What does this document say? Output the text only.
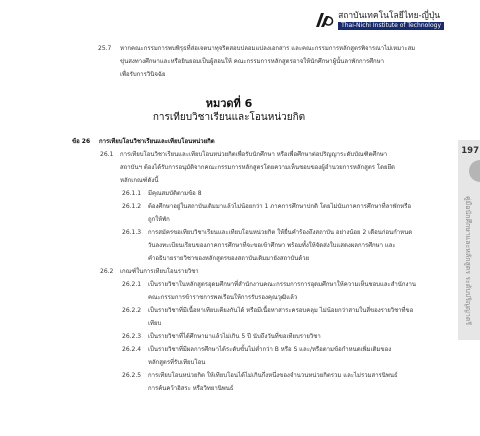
สถาบันเทคโนโลยีไทย-ญี่ปุ่น
Thai-Nichi Institute of Technology
197
คู่มือนักศึกษาและหลักสูตร ระดับปริญญาตรี
25.7 หากคณะกรรมการพบพิรุธที่ส่อเจตนาทุจริตสอบปลอมแปลงเอกสาร และคณะกรรมการหลักสูตรพิจารณาไม่เหมาะสม
ขุ่นสงทางศึกษาและหรือยินยอมเป็นผู้สอนให้ คณะกรรมการหลักสูตรอาจให้นักศึกษาผู้นั้นลาพักการศึกษา
เพื่อรับการวินิจฉัย
หมวดที่ 6
การเทียบวิชาเรียนและโอนหน่วยกิต
ข้อ 26 การเทียบโอนวิชาเรียนและเทียบโอนหน่วยกิต
26.1 การเทียบโอนวิชาเรียนและเทียบโอนหน่วยกิตเพื่อรับนักศึกษา หรือเพื่อศึกษาต่อปริญญาระดับบัณฑิตศึกษา
สถาบันฯ ต้องได้รับการอนุมัติจากคณะกรรมการหลักสูตรโดยความเห็นชอบของผู้อำนวยการหลักสูตร โดยยึด
หลักเกณฑ์ดังนี้
26.1.1 มีคุณสมบัติตามข้อ 8
26.1.2 ต้องศึกษาอยู่ในสถาบันเดิมมาแล้วไม่น้อยกว่า 1 ภาคการศึกษาปกติ โดยไม่นับภาคการศึกษาที่ลาพักหรือ
ถูกให้พัก
26.1.3 การสมัครขอเทียบวิชาเรียนและเทียบโอนหน่วยกิต ให้ยื่นคำร้องถึงสถาบัน อย่างน้อย 2 เดือนก่อนกำหนด
วันลงทะเบียนเรียนของภาคการศึกษาที่จะขอเข้าศึกษา พร้อมทั้งให้จัดส่งใบแสดงผลการศึกษา และ
คำอธิบายรายวิชาของหลักสูตรของสถาบันเดิมมายังสถาบันด้วย
26.2 เกณฑ์ในการเทียบโอนรายวิชา
26.2.1 เป็นรายวิชาในหลักสูตรอุดมศึกษาที่สำนักงานคณะกรรมการการอุดมศึกษาให้ความเห็นชอบและสำนักงาน
คณะกรรมการข้าราชการพลเรือนให้การรับรองคุณวุฒิแล้ว
26.2.2 เป็นรายวิชาที่มีเนื้อหาเทียบเคียงกันได้ หรือมีเนื้อหาสาระครอบคลุม ไม่น้อยกว่าสามในสี่ของรายวิชาที่ขอ
เทียบ
26.2.3 เป็นรายวิชาที่ได้ศึกษามาแล้วไม่เกิน 5 ปี นับถึงวันที่ขอเทียบรายวิชา
26.2.4 เป็นรายวิชาที่มีผลการศึกษาได้ระดับขั้นไม่ต่ำกว่า B หรือ S และ/หรือตามข้อกำหนดเพิ่มเติมของ
หลักสูตรที่รับเทียบโอน
26.2.5 การเทียบโอนหน่วยกิต ให้เทียบโอนได้ไม่เกินกึ่งหนึ่งของจำนวนหน่วยกิตรวม และไม่รวมสารนิพนธ์
การค้นคว้าอิสระ หรือวิทยานิพนธ์
